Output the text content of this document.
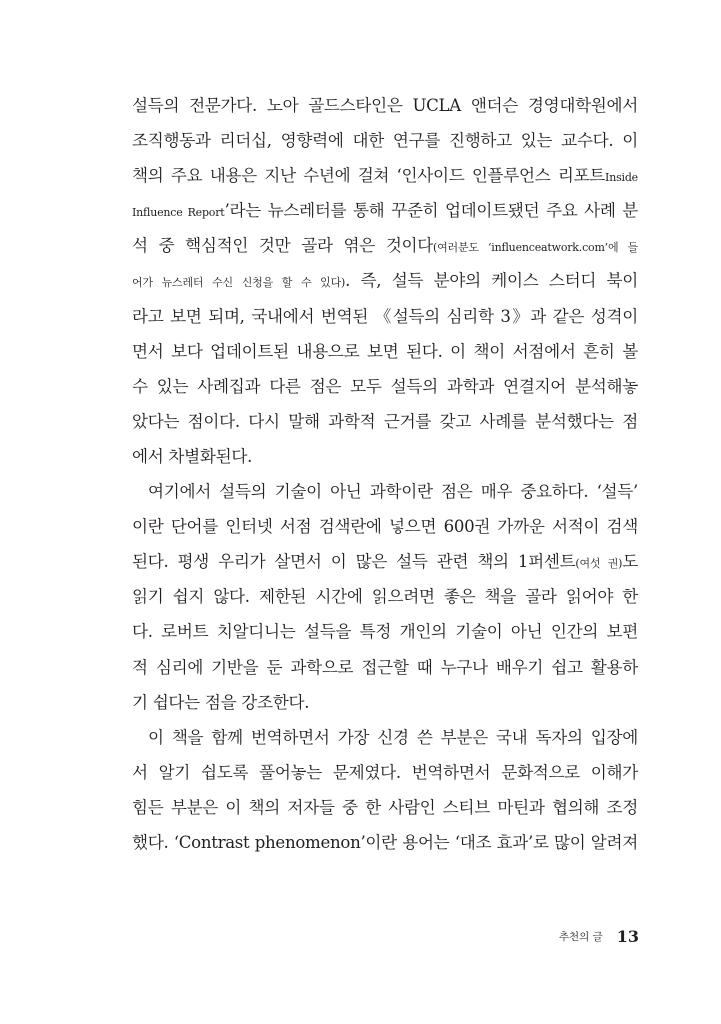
설득의 전문가다. 노아 골드스타인은 UCLA 앤더슨 경영대학원에서
조직행동과 리더십, 영향력에 대한 연구를 진행하고 있는 교수다. 이
책의 주요 내용은 지난 수년에 걸쳐 ‘인사이드 인플루언스 리포트Inside
Influence Report’라는 뉴스레터를 통해 꾸준히 업데이트됐던 주요 사례 분
석 중 핵심적인 것만 골라 엮은 것이다(여러분도 ‘influenceatwork.com’에 들
어가 뉴스레터 수신 신청을 할 수 있다). 즉, 설득 분야의 케이스 스터디 북이
라고 보면 되며, 국내에서 번역된 《설득의 심리학 3》과 같은 성격이
면서 보다 업데이트된 내용으로 보면 된다. 이 책이 서점에서 흔히 볼
수 있는 사례집과 다른 점은 모두 설득의 과학과 연결지어 분석해놓
았다는 점이다. 다시 말해 과학적 근거를 갖고 사례를 분석했다는 점
에서 차별화된다.
여기에서 설득의 기술이 아닌 과학이란 점은 매우 중요하다. ‘설득’
이란 단어를 인터넷 서점 검색란에 넣으면 600권 가까운 서적이 검색
된다. 평생 우리가 살면서 이 많은 설득 관련 책의 1퍼센트(여섯 권)도
읽기 쉽지 않다. 제한된 시간에 읽으려면 좋은 책을 골라 읽어야 한
다. 로버트 치알디니는 설득을 특정 개인의 기술이 아닌 인간의 보편
적 심리에 기반을 둔 과학으로 접근할 때 누구나 배우기 쉽고 활용하
기 쉽다는 점을 강조한다.
이 책을 함께 번역하면서 가장 신경 쓴 부분은 국내 독자의 입장에
서 알기 쉽도록 풀어놓는 문제였다. 번역하면서 문화적으로 이해가
힘든 부분은 이 책의 저자들 중 한 사람인 스티브 마틴과 협의해 조정
했다. ‘Contrast phenomenon’이란 용어는 ‘대조 효과’로 많이 알려져
추천의 글 13
